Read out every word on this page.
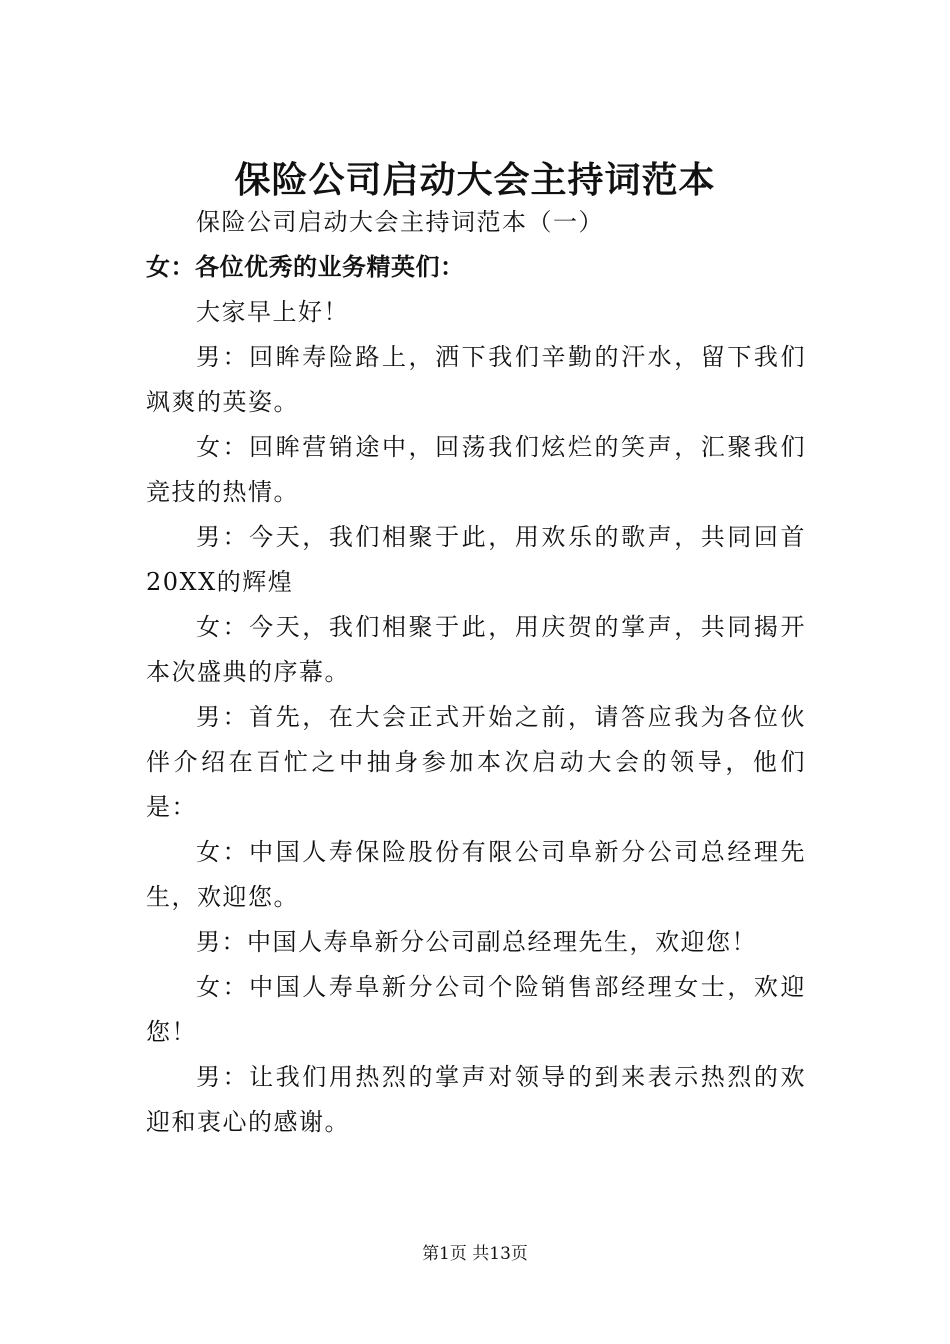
保险公司启动大会主持词范本

保险公司启动大会主持词范本（一）

女：各位优秀的业务精英们：

大家早上好！

男：回眸寿险路上，洒下我们辛勤的汗水，留下我们飒爽的英姿。

女：回眸营销途中，回荡我们炫烂的笑声，汇聚我们竞技的热情。

男：今天，我们相聚于此，用欢乐的歌声，共同回首20XX的辉煌

女：今天，我们相聚于此，用庆贺的掌声，共同揭开本次盛典的序幕。

男：首先，在大会正式开始之前，请答应我为各位伙伴介绍在百忙之中抽身参加本次启动大会的领导，他们是：

女：中国人寿保险股份有限公司阜新分公司总经理先生，欢迎您。

男：中国人寿阜新分公司副总经理先生，欢迎您！

女：中国人寿阜新分公司个险销售部经理女士，欢迎您！

男：让我们用热烈的掌声对领导的到来表示热烈的欢迎和衷心的感谢。

第1页 共13页
